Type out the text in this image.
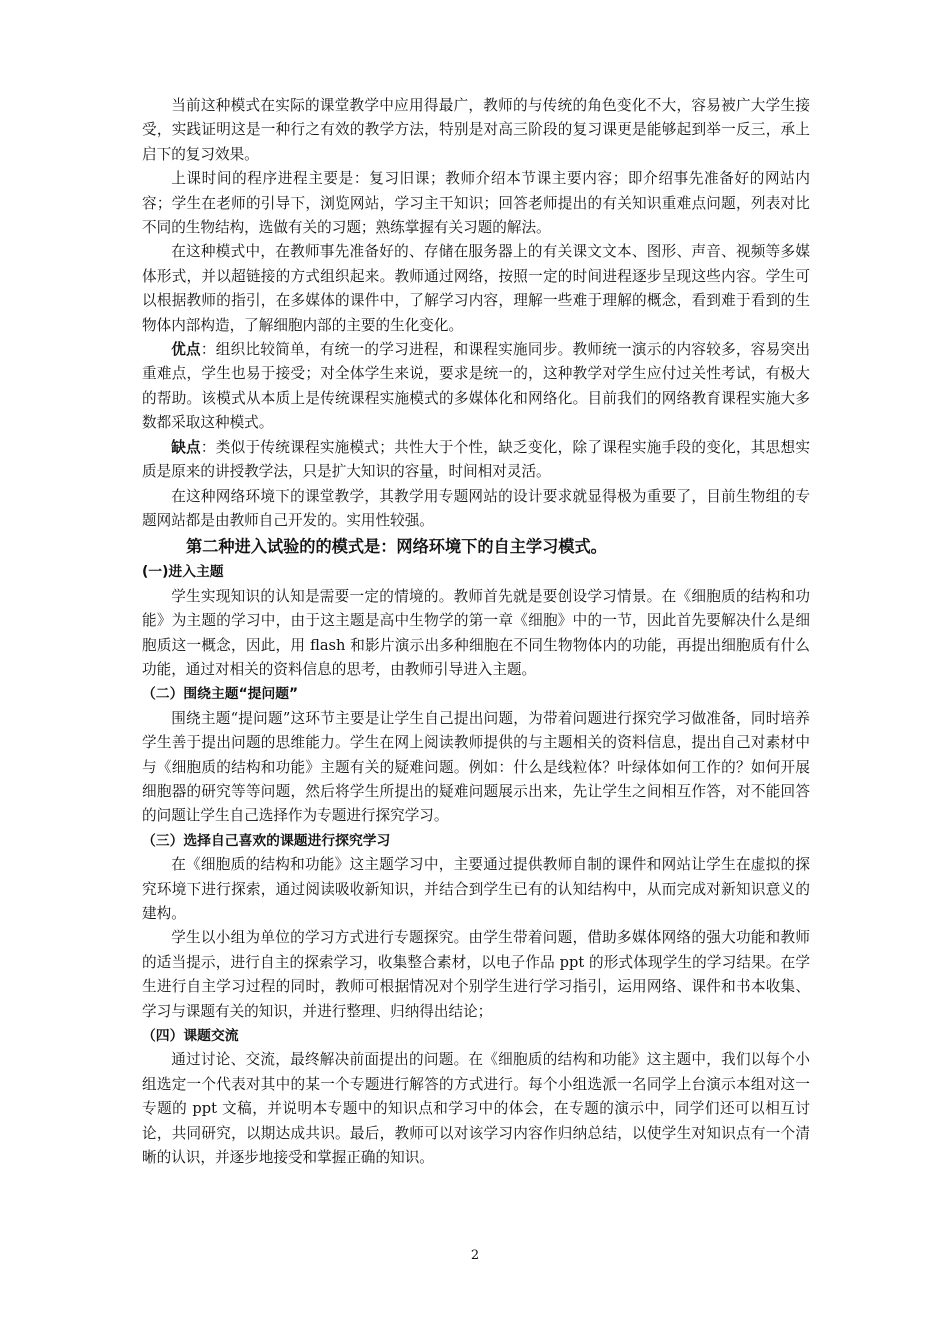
当前这种模式在实际的课堂教学中应用得最广，教师的与传统的角色变化不大，容易被广大学生接受，实践证明这是一种行之有效的教学方法，特别是对高三阶段的复习课更是能够起到举一反三，承上启下的复习效果。

上课时间的程序进程主要是：复习旧课；教师介绍本节课主要内容；即介绍事先准备好的网站内容；学生在老师的引导下，浏览网站，学习主干知识；回答老师提出的有关知识重难点问题，列表对比不同的生物结构，选做有关的习题；熟练掌握有关习题的解法。

在这种模式中，在教师事先准备好的、存储在服务器上的有关课文文本、图形、声音、视频等多媒体形式，并以超链接的方式组织起来。教师通过网络，按照一定的时间进程逐步呈现这些内容。学生可以根据教师的指引，在多媒体的课件中，了解学习内容，理解一些难于理解的概念，看到难于看到的生物体内部构造，了解细胞内部的主要的生化变化。

优点：组织比较简单，有统一的学习进程，和课程实施同步。教师统一演示的内容较多，容易突出重难点，学生也易于接受；对全体学生来说，要求是统一的，这种教学对学生应付过关性考试，有极大的帮助。该模式从本质上是传统课程实施模式的多媒体化和网络化。目前我们的网络教育课程实施大多数都采取这种模式。

缺点：类似于传统课程实施模式；共性大于个性，缺乏变化，除了课程实施手段的变化，其思想实质是原来的讲授教学法，只是扩大知识的容量，时间相对灵活。

在这种网络环境下的课堂教学，其教学用专题网站的设计要求就显得极为重要了，目前生物组的专题网站都是由教师自己开发的。实用性较强。

第二种进入试验的的模式是：网络环境下的自主学习模式。
(一)进入主题

学生实现知识的认知是需要一定的情境的。教师首先就是要创设学习情景。在《细胞质的结构和功能》为主题的学习中，由于这主题是高中生物学的第一章《细胞》中的一节，因此首先要解决什么是细胞质这一概念，因此，用 flash 和影片演示出多种细胞在不同生物物体内的功能，再提出细胞质有什么功能，通过对相关的资料信息的思考，由教师引导进入主题。

（二）围绕主题“提问题”

围绕主题“提问题”这环节主要是让学生自己提出问题，为带着问题进行探究学习做准备，同时培养学生善于提出问题的思维能力。学生在网上阅读教师提供的与主题相关的资料信息，提出自己对素材中与《细胞质的结构和功能》主题有关的疑难问题。例如：什么是线粒体？叶绿体如何工作的？如何开展细胞器的研究等等问题，然后将学生所提出的疑难问题展示出来，先让学生之间相互作答，对不能回答的问题让学生自己选择作为专题进行探究学习。

（三）选择自己喜欢的课题进行探究学习

在《细胞质的结构和功能》这主题学习中，主要通过提供教师自制的课件和网站让学生在虚拟的探究环境下进行探索，通过阅读吸收新知识，并结合到学生已有的认知结构中，从而完成对新知识意义的建构。

学生以小组为单位的学习方式进行专题探究。由学生带着问题，借助多媒体网络的强大功能和教师的适当提示，进行自主的探索学习，收集整合素材，以电子作品 ppt 的形式体现学生的学习结果。在学生进行自主学习过程的同时，教师可根据情况对个别学生进行学习指引，运用网络、课件和书本收集、学习与课题有关的知识，并进行整理、归纳得出结论；

（四）课题交流

通过讨论、交流，最终解决前面提出的问题。在《细胞质的结构和功能》这主题中，我们以每个小组选定一个代表对其中的某一个专题进行解答的方式进行。每个小组选派一名同学上台演示本组对这一专题的 ppt 文稿，并说明本专题中的知识点和学习中的体会，在专题的演示中，同学们还可以相互讨论，共同研究，以期达成共识。最后，教师可以对该学习内容作归纳总结，以使学生对知识点有一个清晰的认识，并逐步地接受和掌握正确的知识。

2
